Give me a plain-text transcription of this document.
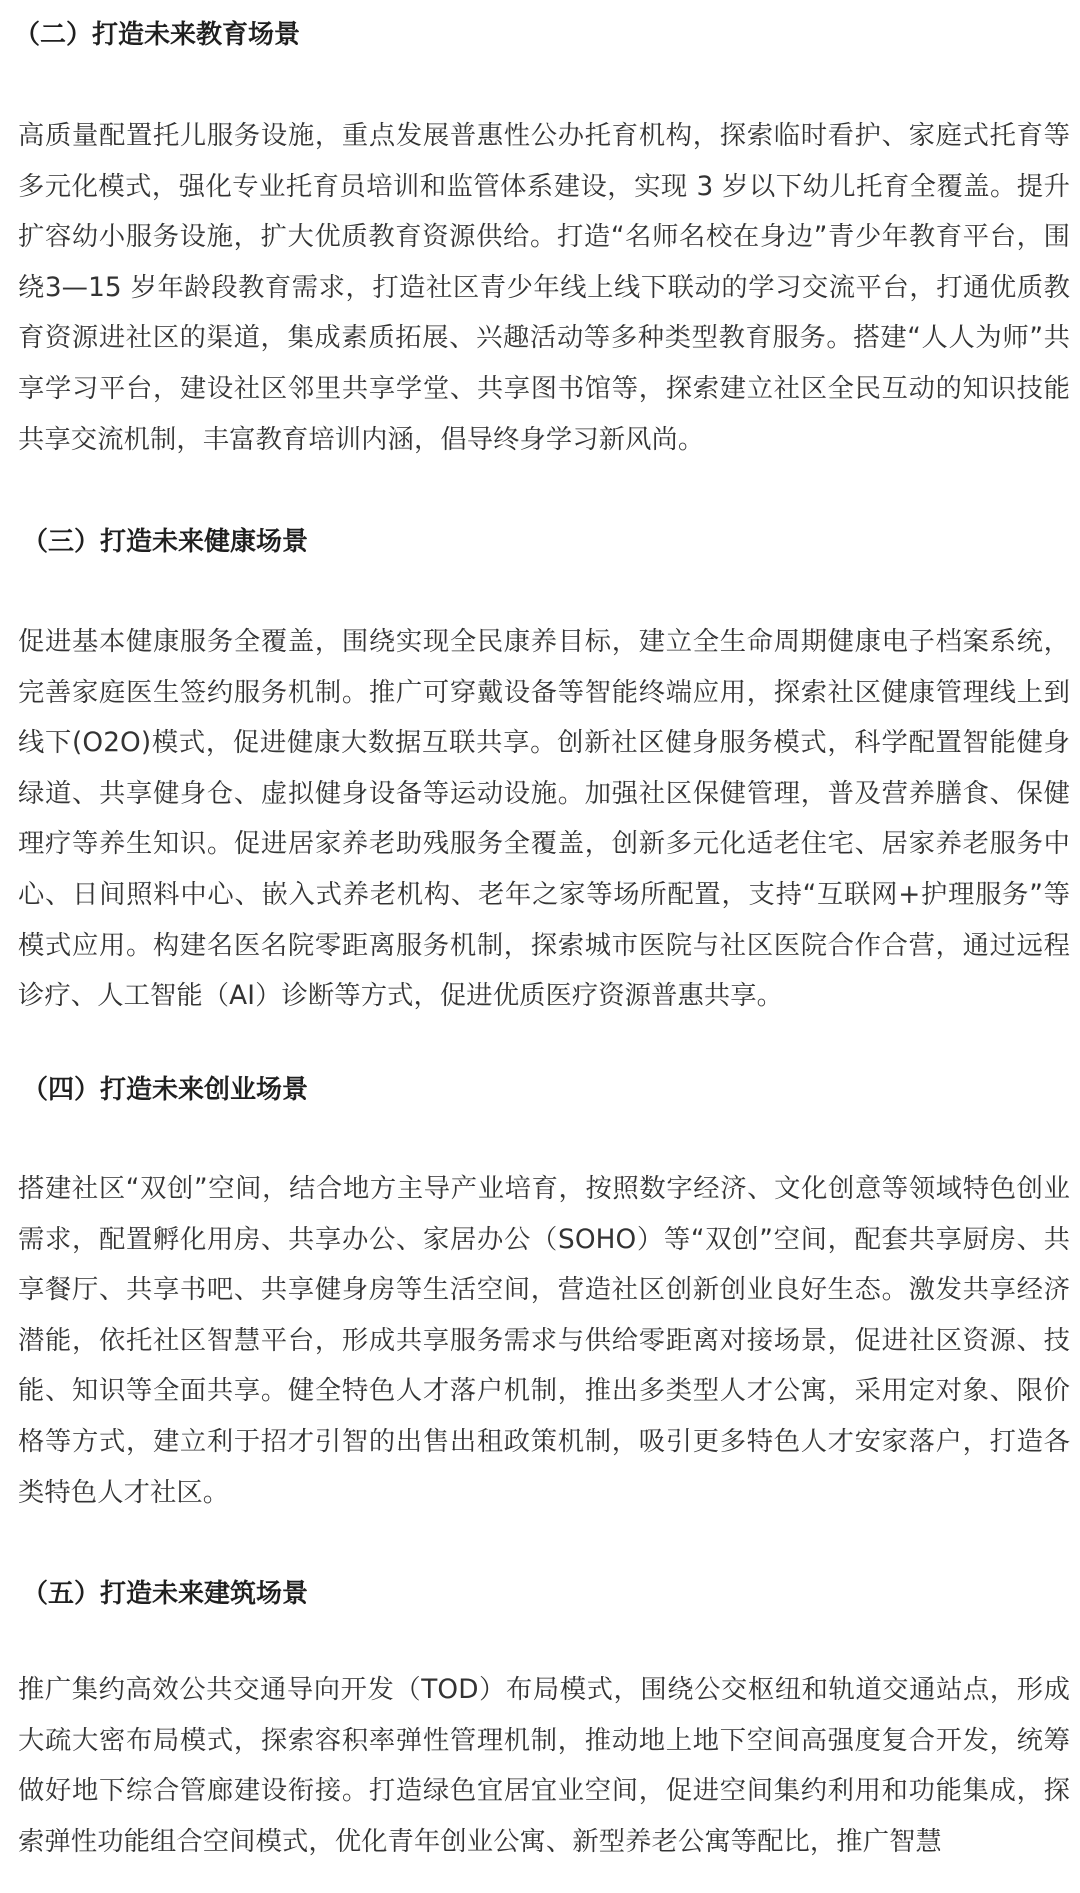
（二）打造未来教育场景

高质量配置托儿服务设施，重点发展普惠性公办托育机构，探索临时看护、家庭式托育等多元化模式，强化专业托育员培训和监管体系建设，实现 3 岁以下幼儿托育全覆盖。提升扩容幼小服务设施，扩大优质教育资源供给。打造“名师名校在身边”青少年教育平台，围绕3—15 岁年龄段教育需求，打造社区青少年线上线下联动的学习交流平台，打通优质教育资源进社区的渠道，集成素质拓展、兴趣活动等多种类型教育服务。搭建“人人为师”共享学习平台，建设社区邻里共享学堂、共享图书馆等，探索建立社区全民互动的知识技能共享交流机制，丰富教育培训内涵，倡导终身学习新风尚。

（三）打造未来健康场景

促进基本健康服务全覆盖，围绕实现全民康养目标，建立全生命周期健康电子档案系统，完善家庭医生签约服务机制。推广可穿戴设备等智能终端应用，探索社区健康管理线上到线下(O2O)模式，促进健康大数据互联共享。创新社区健身服务模式，科学配置智能健身绿道、共享健身仓、虚拟健身设备等运动设施。加强社区保健管理，普及营养膳食、保健理疗等养生知识。促进居家养老助残服务全覆盖，创新多元化适老住宅、居家养老服务中心、日间照料中心、嵌入式养老机构、老年之家等场所配置，支持“互联网+护理服务”等模式应用。构建名医名院零距离服务机制，探索城市医院与社区医院合作合营，通过远程诊疗、人工智能（AI）诊断等方式，促进优质医疗资源普惠共享。

（四）打造未来创业场景

搭建社区“双创”空间，结合地方主导产业培育，按照数字经济、文化创意等领域特色创业需求，配置孵化用房、共享办公、家居办公（SOHO）等“双创”空间，配套共享厨房、共享餐厅、共享书吧、共享健身房等生活空间，营造社区创新创业良好生态。激发共享经济潜能，依托社区智慧平台，形成共享服务需求与供给零距离对接场景，促进社区资源、技能、知识等全面共享。健全特色人才落户机制，推出多类型人才公寓，采用定对象、限价格等方式，建立利于招才引智的出售出租政策机制，吸引更多特色人才安家落户，打造各类特色人才社区。

（五）打造未来建筑场景

推广集约高效公共交通导向开发（TOD）布局模式，围绕公交枢纽和轨道交通站点，形成大疏大密布局模式，探索容积率弹性管理机制，推动地上地下空间高强度复合开发，统筹做好地下综合管廊建设衔接。打造绿色宜居宜业空间，促进空间集约利用和功能集成，探索弹性功能组合空间模式，优化青年创业公寓、新型养老公寓等配比，推广智慧
